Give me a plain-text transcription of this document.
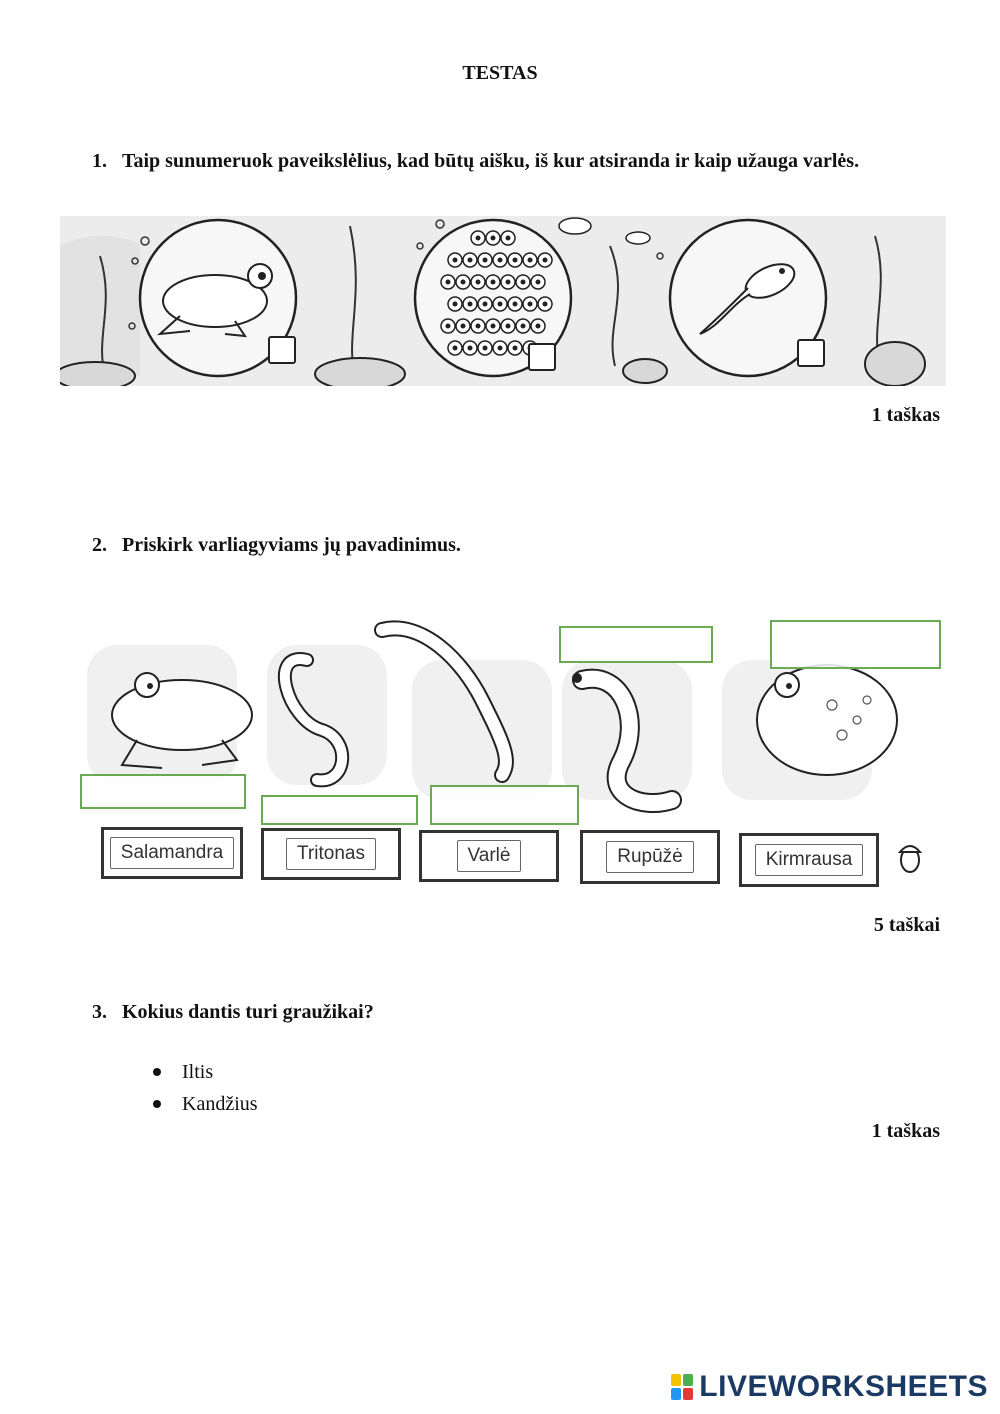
TESTAS
1. Taip sunumeruok paveikslėlius, kad būtų aišku, iš kur atsiranda ir kaip užauga varlės.
1 taškas
2. Priskirk varliagyviams jų pavadinimus.
Salamandra	Tritonas	Varlė	Rupūžė	Kirmrausa
5 taškai
3. Kokius dantis turi graužikai?
Iltis
Kandžius
1 taškas
LIVEWORKSHEETS
